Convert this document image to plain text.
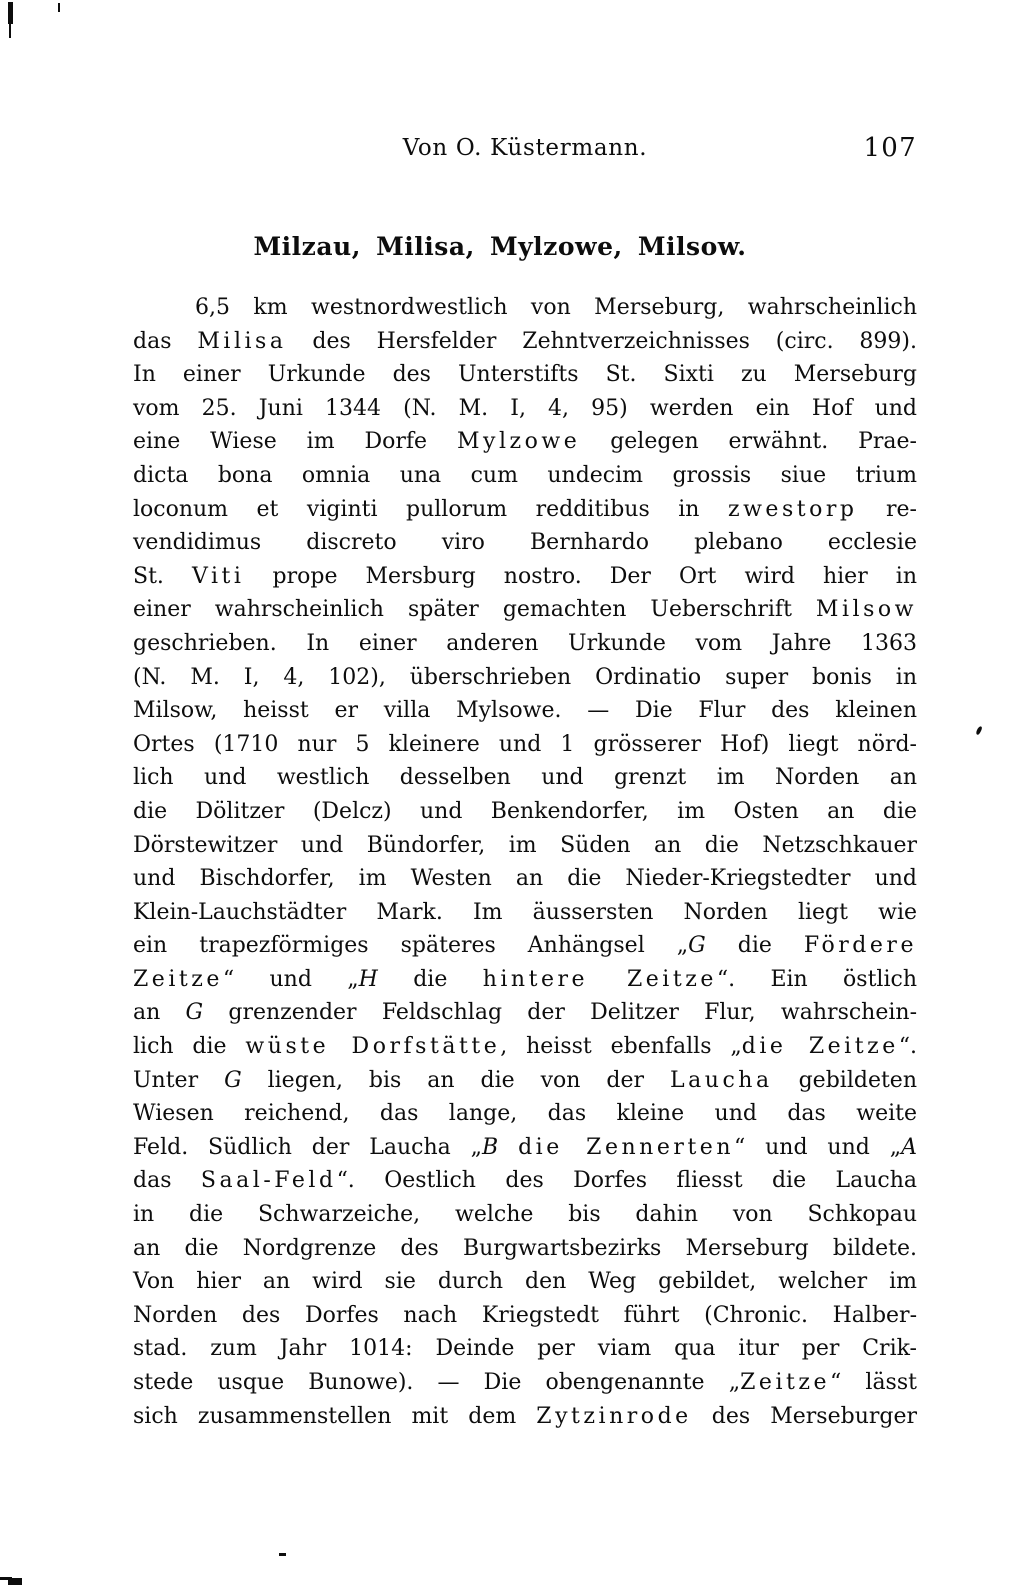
Von O. Küstermann.	107
Milzau, Milisa, Mylzowe, Milsow.
6,5 km westnordwestlich von Merseburg, wahrscheinlich
das Milisa des Hersfelder Zehntverzeichnisses (circ. 899).
In einer Urkunde des Unterstifts St. Sixti zu Merseburg
vom 25. Juni 1344 (N. M. I, 4, 95) werden ein Hof und
eine Wiese im Dorfe Mylzowe gelegen erwähnt. Prae-
dicta bona omnia una cum undecim grossis siue trium
loconum et viginti pullorum redditibus in zwestorp re-
vendidimus discreto viro Bernhardo plebano ecclesie
St. Viti prope Mersburg nostro. Der Ort wird hier in
einer wahrscheinlich später gemachten Ueberschrift Milsow
geschrieben. In einer anderen Urkunde vom Jahre 1363
(N. M. I, 4, 102), überschrieben Ordinatio super bonis in
Milsow, heisst er villa Mylsowe. — Die Flur des kleinen
Ortes (1710 nur 5 kleinere und 1 grösserer Hof) liegt nörd-
lich und westlich desselben und grenzt im Norden an
die Dölitzer (Delcz) und Benkendorfer, im Osten an die
Dörstewitzer und Bündorfer, im Süden an die Netzschkauer
und Bischdorfer, im Westen an die Nieder-Kriegstedter und
Klein-Lauchstädter Mark. Im äussersten Norden liegt wie
ein trapezförmiges späteres Anhängsel „G die Fördere
Zeitze“ und „H die hintere Zeitze“. Ein östlich
an G grenzender Feldschlag der Delitzer Flur, wahrschein-
lich die wüste Dorfstätte, heisst ebenfalls „die Zeitze“.
Unter G liegen, bis an die von der Laucha gebildeten
Wiesen reichend, das lange, das kleine und das weite
Feld. Südlich der Laucha „B die Zennerten“ und und „A
das Saal-Feld“. Oestlich des Dorfes fliesst die Laucha
in die Schwarzeiche, welche bis dahin von Schkopau
an die Nordgrenze des Burgwartsbezirks Merseburg bildete.
Von hier an wird sie durch den Weg gebildet, welcher im
Norden des Dorfes nach Kriegstedt führt (Chronic. Halber-
stad. zum Jahr 1014: Deinde per viam qua itur per Crik-
stede usque Bunowe). — Die obengenannte „Zeitze“ lässt
sich zusammenstellen mit dem Zytzinrode des Merseburger
